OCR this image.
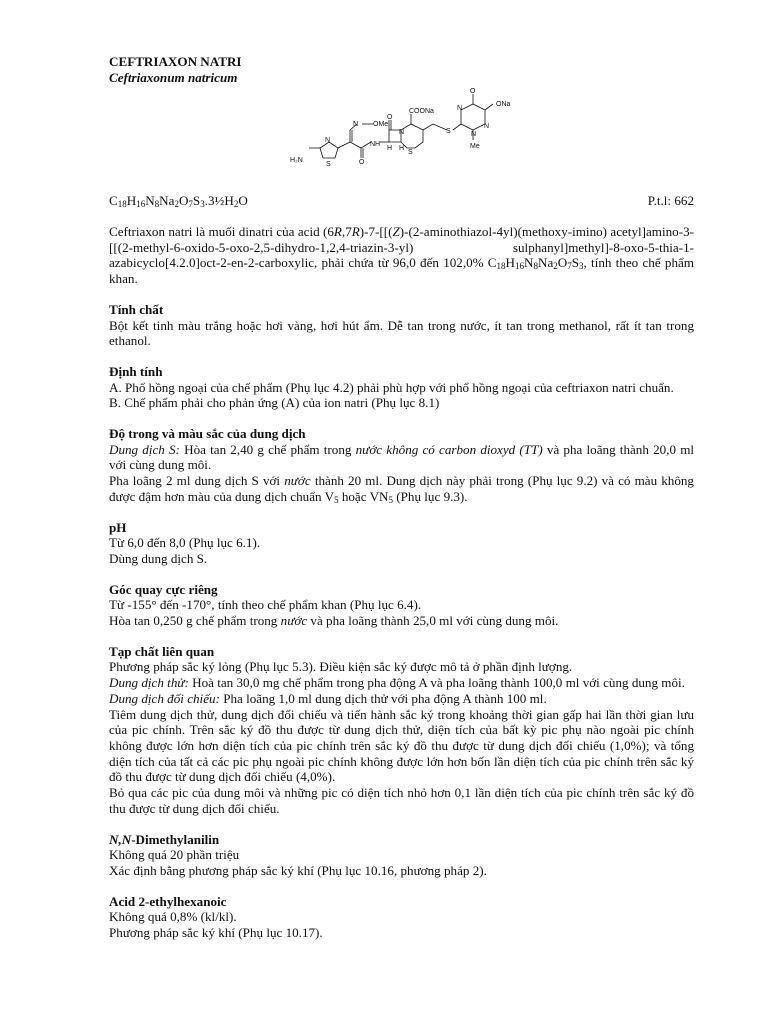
CEFTRIAXON NATRI

Ceftriaxonum natricum

COONa
ONa
OMe
Me
H₂N
NH
H H
O
O
O
N
N
S
N
S
S
N
N
N
$C_{18}H_{16}N_8Na_2O_7S_3.3\frac{1}{2}H_2O$	P.t.l: 662

Ceftriaxon natri là muối dinatri của acid (6R,7R)-7-[[(Z)-(2-aminothiazol-4yl)(methoxy-imino) acetyl]amino-3-[[(2-methyl-6-oxido-5-oxo-2,5-dihydro-1,2,4-triazin-3-yl) sulphanyl]methyl]-8-oxo-5-thia-1-azabicyclo[4.2.0]oct-2-en-2-carboxylic, phải chứa từ 96,0 đến 102,0% $C_{18}H_{16}N_8Na_2O_7S_3$, tính theo chế phẩm khan.

Tính chất

Bột kết tinh màu trắng hoặc hơi vàng, hơi hút ẩm. Dễ tan trong nước, ít tan trong methanol, rất ít tan trong ethanol.

Định tính

A. Phổ hồng ngoại của chế phẩm (Phụ lục 4.2) phải phù hợp với phổ hồng ngoại của ceftriaxon natri chuẩn.

B. Chế phẩm phải cho phản ứng (A) của ion natri (Phụ lục 8.1)

Độ trong và màu sắc của dung dịch

Dung dịch S: Hòa tan 2,40 g chế phẩm trong nước không có carbon dioxyd (TT) và pha loãng thành 20,0 ml với cùng dung môi.

Pha loãng 2 ml dung dịch S với nước thành 20 ml. Dung dịch này phải trong (Phụ lục 9.2) và có màu không được đậm hơn màu của dung dịch chuẩn $V_5$ hoặc $VN_5$ (Phụ lục 9.3).

pH

Từ 6,0 đến 8,0 (Phụ lục 6.1).

Dùng dung dịch S.

Góc quay cực riêng

Từ -155° đến -170°, tính theo chế phẩm khan (Phụ lục 6.4).

Hòa tan 0,250 g chế phẩm trong nước và pha loãng thành 25,0 ml với cùng dung môi.

Tạp chất liên quan

Phương pháp sắc ký lỏng (Phụ lục 5.3). Điều kiện sắc ký được mô tả ở phần định lượng.

Dung dịch thử: Hoà tan 30,0 mg chế phẩm trong pha động A và pha loãng thành 100,0 ml với cùng dung môi.

Dung dịch đối chiếu: Pha loãng 1,0 ml dung dịch thử với pha động A thành 100 ml.

Tiêm dung dịch thử, dung dịch đối chiếu và tiến hành sắc ký trong khoảng thời gian gấp hai lần thời gian lưu của pic chính. Trên sắc ký đồ thu được từ dung dịch thử, diện tích của bất kỳ pic phụ nào ngoài pic chính không được lớn hơn diện tích của pic chính trên sắc ký đồ thu được từ dung dịch đối chiếu (1,0%); và tổng diện tích của tất cả các pic phụ ngoài pic chính không được lớn hơn bốn lần diện tích của pic chính trên sắc ký đồ thu được từ dung dịch đối chiếu (4,0%).

Bỏ qua các pic của dung môi và những pic có diện tích nhỏ hơn 0,1 lần diện tích của pic chính trên sắc ký đồ thu được từ dung dịch đối chiếu.

N,N-Dimethylanilin

Không quá 20 phần triệu

Xác định bằng phương pháp sắc ký khí (Phụ lục 10.16, phương pháp 2).

Acid 2-ethylhexanoic

Không quá 0,8% (kl/kl).

Phương pháp sắc ký khí (Phụ lục 10.17).
